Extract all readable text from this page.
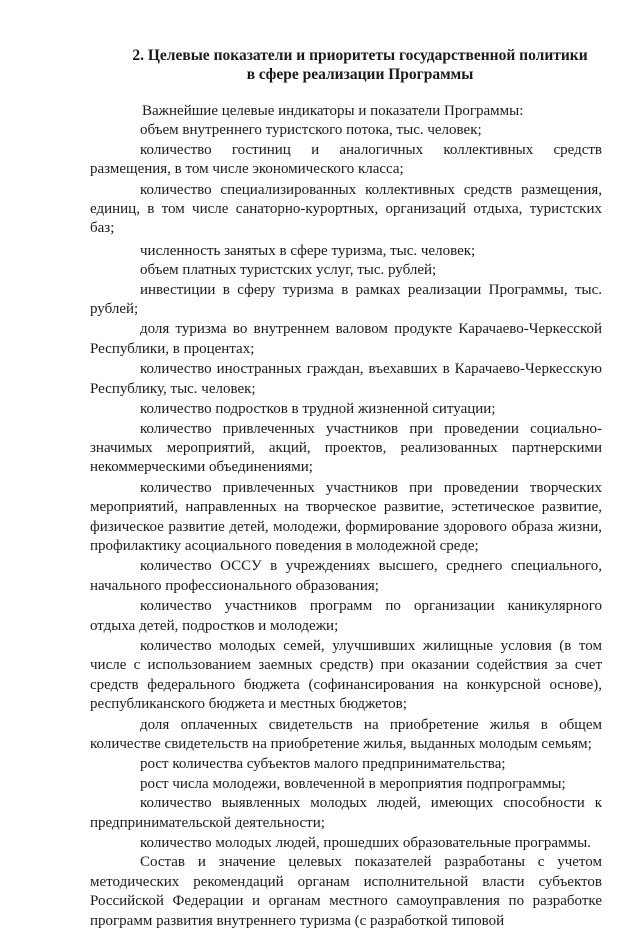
2. Целевые показатели и приоритеты государственной политики
в сфере реализации Программы

Важнейшие целевые индикаторы и показатели Программы:

объем внутреннего туристского потока, тыс. человек;

количество гостиниц и аналогичных коллективных средств размещения, в том числе экономического класса;

количество специализированных коллективных средств размещения, единиц, в том числе санаторно-курортных, организаций отдыха, туристских баз;

численность занятых в сфере туризма, тыс. человек;

объем платных туристских услуг, тыс. рублей;

инвестиции в сферу туризма в рамках реализации Программы, тыс. рублей;

доля туризма во внутреннем валовом продукте Карачаево-Черкесской Республики, в процентах;

количество иностранных граждан, въехавших в Карачаево-Черкесскую Республику, тыс. человек;

количество подростков в трудной жизненной ситуации;

количество привлеченных участников при проведении социально-значимых мероприятий, акций, проектов, реализованных партнерскими некоммерческими объединениями;

количество привлеченных участников при проведении творческих мероприятий, направленных на творческое развитие, эстетическое развитие, физическое развитие детей, молодежи, формирование здорового образа жизни, профилактику асоциального поведения в молодежной среде;

количество ОССУ в учреждениях высшего, среднего специального, начального профессионального образования;

количество участников программ по организации каникулярного отдыха детей, подростков и молодежи;

количество молодых семей, улучшивших жилищные условия (в том числе с использованием заемных средств) при оказании содействия за счет средств федерального бюджета (софинансирования на конкурсной основе), республиканского бюджета и местных бюджетов;

доля оплаченных свидетельств на приобретение жилья в общем количестве свидетельств на приобретение жилья, выданных молодым семьям;

рост количества субъектов малого предпринимательства;

рост числа молодежи, вовлеченной в мероприятия подпрограммы;

количество выявленных молодых людей, имеющих способности к предпринимательской деятельности;

количество молодых людей, прошедших образовательные программы.

Состав и значение целевых показателей разработаны с учетом методических рекомендаций органам исполнительной власти субъектов Российской Федерации и органам местного самоуправления по разработке программ развития внутреннего туризма (с разработкой типовой
